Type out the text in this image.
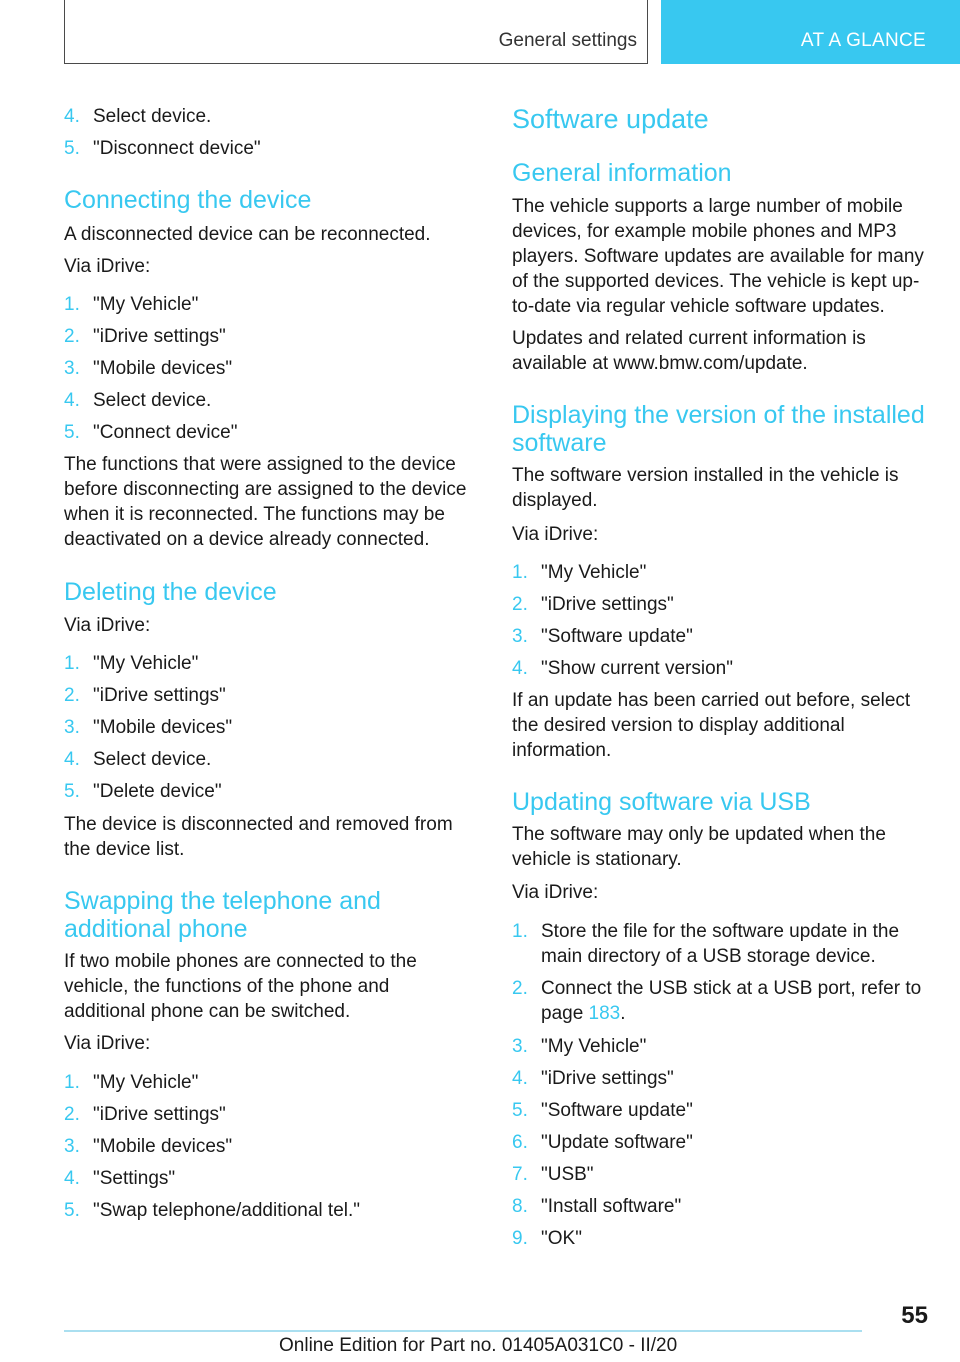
General settings	AT A GLANCE
4. Select device.
5. "Disconnect device"
Connecting the device
A disconnected device can be reconnected.
Via iDrive:
1. "My Vehicle"
2. "iDrive settings"
3. "Mobile devices"
4. Select device.
5. "Connect device"
The functions that were assigned to the device before disconnecting are assigned to the device when it is reconnected. The functions may be deactivated on a device already connected.
Deleting the device
Via iDrive:
1. "My Vehicle"
2. "iDrive settings"
3. "Mobile devices"
4. Select device.
5. "Delete device"
The device is disconnected and removed from the device list.
Swapping the telephone and additional phone
If two mobile phones are connected to the vehicle, the functions of the phone and additional phone can be switched.
Via iDrive:
1. "My Vehicle"
2. "iDrive settings"
3. "Mobile devices"
4. "Settings"
5. "Swap telephone/additional tel."
Software update
General information
The vehicle supports a large number of mobile devices, for example mobile phones and MP3 players. Software updates are available for many of the supported devices. The vehicle is kept up-to-date via regular vehicle software updates.
Updates and related current information is available at www.bmw.com/update.
Displaying the version of the installed software
The software version installed in the vehicle is displayed.
Via iDrive:
1. "My Vehicle"
2. "iDrive settings"
3. "Software update"
4. "Show current version"
If an update has been carried out before, select the desired version to display additional information.
Updating software via USB
The software may only be updated when the vehicle is stationary.
Via iDrive:
1. Store the file for the software update in the main directory of a USB storage device.
2. Connect the USB stick at a USB port, refer to page 183.
3. "My Vehicle"
4. "iDrive settings"
5. "Software update"
6. "Update software"
7. "USB"
8. "Install software"
9. "OK"
55
Online Edition for Part no. 01405A031C0 - II/20
